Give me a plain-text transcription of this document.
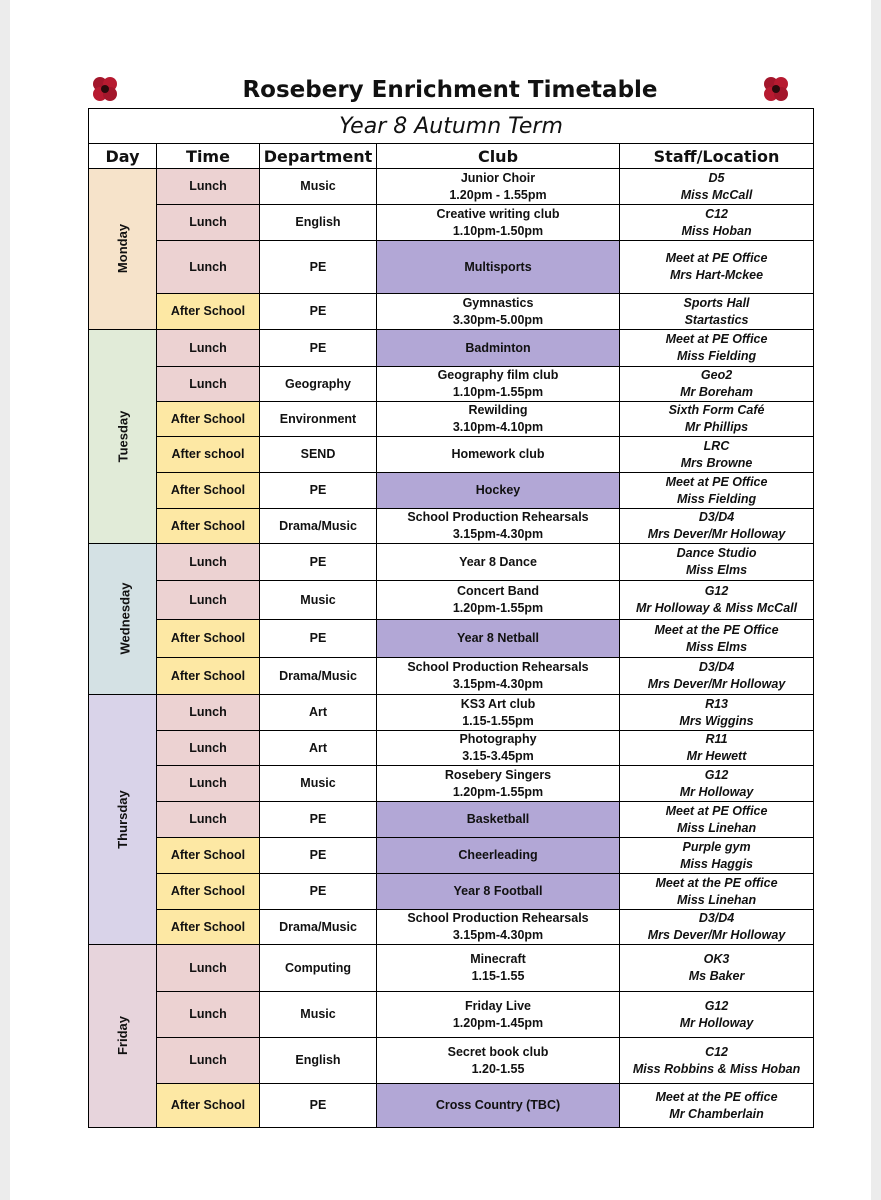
Rosebery Enrichment Timetable
Year 8 Autumn Term				
Day	Time	Department	Club	Staff/Location
Monday	Lunch	Music	Junior Choir
1.20pm - 1.55pm	D5
Miss McCall

	Lunch	English	Creative writing club
1.10pm-1.50pm	C12
Miss Hoban

	Lunch	PE	Multisports	Meet at PE Office
Mrs Hart-Mckee

	After School	PE	Gymnastics
3.30pm-5.00pm	Sports Hall
Startastics

Tuesday	Lunch	PE	Badminton	Meet at PE Office
Miss Fielding

	Lunch	Geography	Geography film club
1.10pm-1.55pm	Geo2
Mr Boreham

	After School	Environment	Rewilding
3.10pm-4.10pm	Sixth Form Café
Mr Phillips

	After school	SEND	Homework club	LRC
Mrs Browne

	After School	PE	Hockey	Meet at PE Office
Miss Fielding

	After School	Drama/Music	School Production Rehearsals
3.15pm-4.30pm	D3/D4
Mrs Dever/Mr Holloway

Wednesday	Lunch	PE	Year 8 Dance	Dance Studio
Miss Elms

	Lunch	Music	Concert Band
1.20pm-1.55pm	G12
Mr Holloway & Miss McCall

	After School	PE	Year 8 Netball	Meet at the PE Office
Miss Elms

	After School	Drama/Music	School Production Rehearsals
3.15pm-4.30pm	D3/D4
Mrs Dever/Mr Holloway

Thursday	Lunch	Art	KS3 Art club
1.15-1.55pm	R13
Mrs Wiggins

	Lunch	Art	Photography
3.15-3.45pm	R11
Mr Hewett

	Lunch	Music	Rosebery Singers
1.20pm-1.55pm	G12
Mr Holloway

	Lunch	PE	Basketball	Meet at PE Office
Miss Linehan

	After School	PE	Cheerleading	Purple gym
Miss Haggis

	After School	PE	Year 8 Football	Meet at the PE office
Miss Linehan

	After School	Drama/Music	School Production Rehearsals
3.15pm-4.30pm	D3/D4
Mrs Dever/Mr Holloway

Friday	Lunch	Computing	Minecraft
1.15-1.55	OK3
Ms Baker

	Lunch	Music	Friday Live
1.20pm-1.45pm	G12
Mr Holloway

	Lunch	English	Secret book club
1.20-1.55	C12
Miss Robbins & Miss Hoban

	After School	PE	Cross Country (TBC)	Meet at the PE office
Mr Chamberlain
